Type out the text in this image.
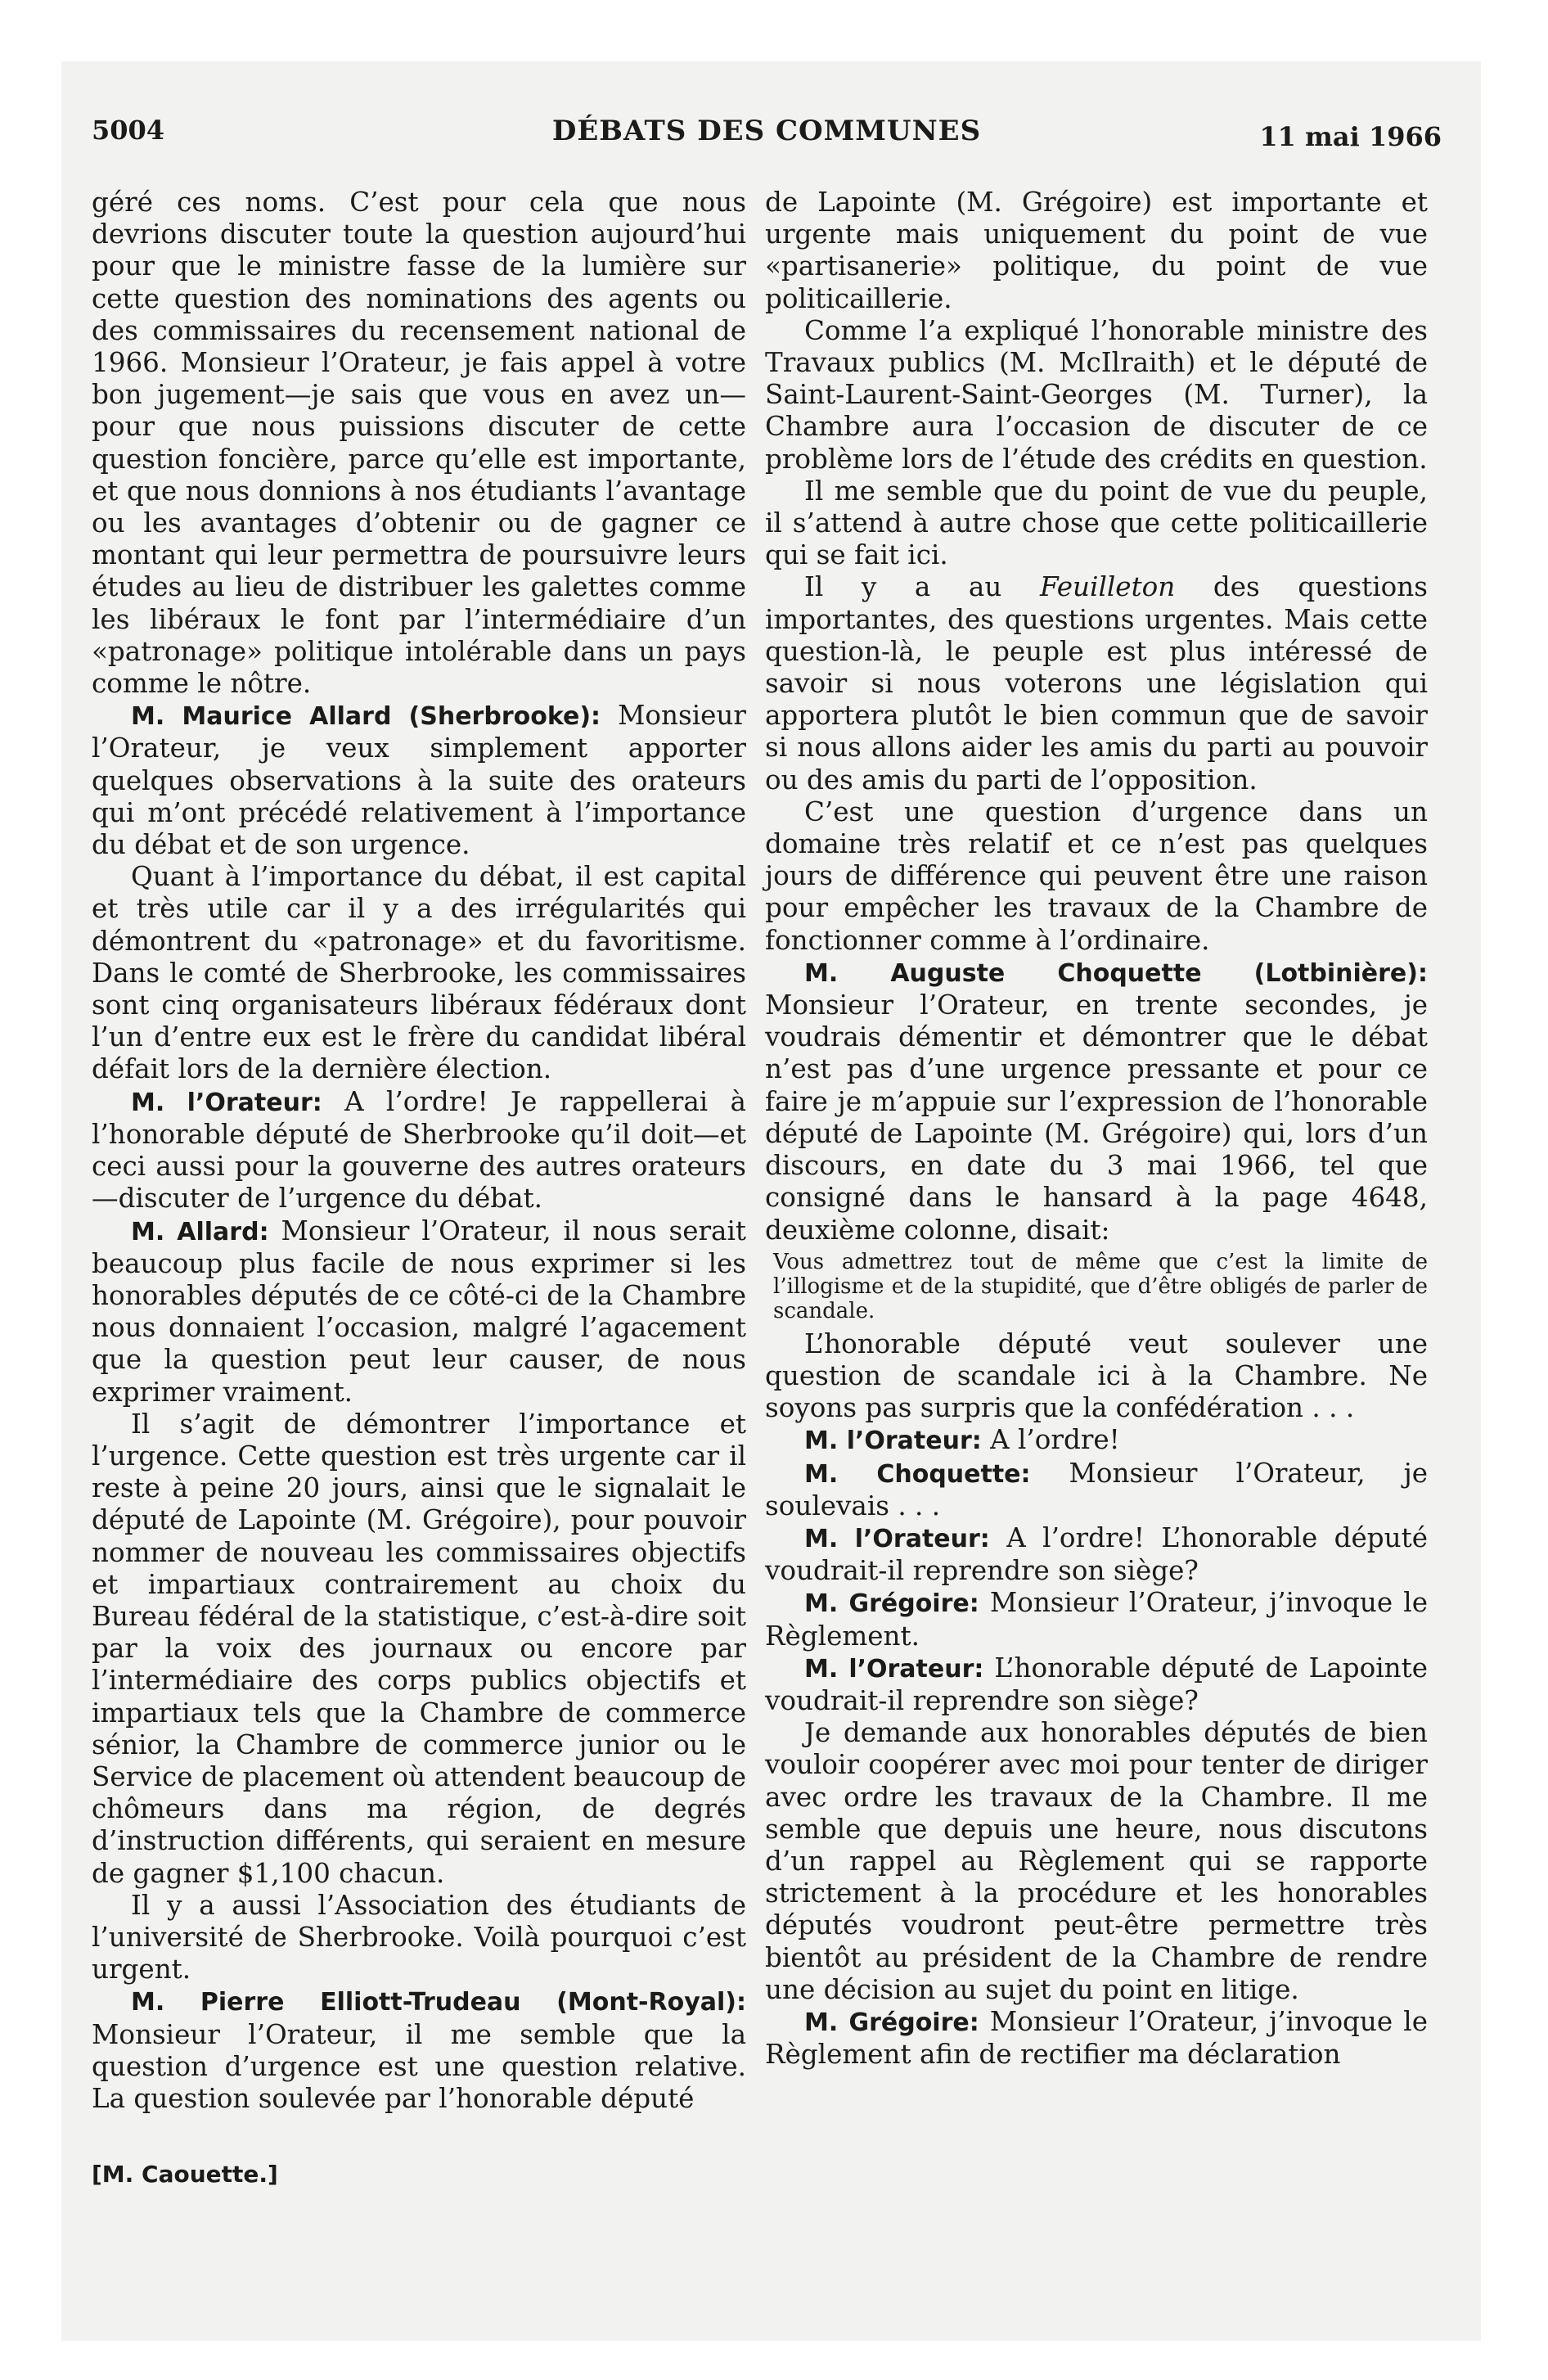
5004	DÉBATS DES COMMUNES	11 mai 1966

géré ces noms. C’est pour cela que nous devrions discuter toute la question aujourd’hui pour que le ministre fasse de la lumière sur cette question des nominations des agents ou des commissaires du recensement national de 1966. Monsieur l’Orateur, je fais appel à votre bon jugement—je sais que vous en avez un—pour que nous puissions discuter de cette question foncière, parce qu’elle est importante, et que nous donnions à nos étudiants l’avantage ou les avantages d’obtenir ou de gagner ce montant qui leur permettra de poursuivre leurs études au lieu de distribuer les galettes comme les libéraux le font par l’intermédiaire d’un «patronage» politique intolérable dans un pays comme le nôtre.

M. Maurice Allard (Sherbrooke): Monsieur l’Orateur, je veux simplement apporter quelques observations à la suite des orateurs qui m’ont précédé relativement à l’importance du débat et de son urgence.

Quant à l’importance du débat, il est capital et très utile car il y a des irrégularités qui démontrent du «patronage» et du favoritisme. Dans le comté de Sherbrooke, les commissaires sont cinq organisateurs libéraux fédéraux dont l’un d’entre eux est le frère du candidat libéral défait lors de la dernière élection.

M. l’Orateur: A l’ordre! Je rappellerai à l’honorable député de Sherbrooke qu’il doit—et ceci aussi pour la gouverne des autres orateurs—discuter de l’urgence du débat.

M. Allard: Monsieur l’Orateur, il nous serait beaucoup plus facile de nous exprimer si les honorables députés de ce côté-ci de la Chambre nous donnaient l’occasion, malgré l’agacement que la question peut leur causer, de nous exprimer vraiment.

Il s’agit de démontrer l’importance et l’urgence. Cette question est très urgente car il reste à peine 20 jours, ainsi que le signalait le député de Lapointe (M. Grégoire), pour pouvoir nommer de nouveau les commissaires objectifs et impartiaux contrairement au choix du Bureau fédéral de la statistique, c’est-à-dire soit par la voix des journaux ou encore par l’intermédiaire des corps publics objectifs et impartiaux tels que la Chambre de commerce sénior, la Chambre de commerce junior ou le Service de placement où attendent beaucoup de chômeurs dans ma région, de degrés d’instruction différents, qui seraient en mesure de gagner $1,100 chacun.

Il y a aussi l’Association des étudiants de l’université de Sherbrooke. Voilà pourquoi c’est urgent.

M. Pierre Elliott-Trudeau (Mont-Royal): Monsieur l’Orateur, il me semble que la question d’urgence est une question relative. La question soulevée par l’honorable député

de Lapointe (M. Grégoire) est importante et urgente mais uniquement du point de vue «partisanerie» politique, du point de vue politicaillerie.

Comme l’a expliqué l’honorable ministre des Travaux publics (M. McIlraith) et le député de Saint-Laurent-Saint-Georges (M. Turner), la Chambre aura l’occasion de discuter de ce problème lors de l’étude des crédits en question.

Il me semble que du point de vue du peuple, il s’attend à autre chose que cette politicaillerie qui se fait ici.

Il y a au Feuilleton des questions importantes, des questions urgentes. Mais cette question-là, le peuple est plus intéressé de savoir si nous voterons une législation qui apportera plutôt le bien commun que de savoir si nous allons aider les amis du parti au pouvoir ou des amis du parti de l’opposition.

C’est une question d’urgence dans un domaine très relatif et ce n’est pas quelques jours de différence qui peuvent être une raison pour empêcher les travaux de la Chambre de fonctionner comme à l’ordinaire.

M. Auguste Choquette (Lotbinière): Monsieur l’Orateur, en trente secondes, je voudrais démentir et démontrer que le débat n’est pas d’une urgence pressante et pour ce faire je m’appuie sur l’expression de l’honorable député de Lapointe (M. Grégoire) qui, lors d’un discours, en date du 3 mai 1966, tel que consigné dans le hansard à la page 4648, deuxième colonne, disait:

Vous admettrez tout de même que c’est la limite de l’illogisme et de la stupidité, que d’être obligés de parler de scandale.

L’honorable député veut soulever une question de scandale ici à la Chambre. Ne soyons pas surpris que la confédération . . .

M. l’Orateur: A l’ordre!

M. Choquette: Monsieur l’Orateur, je soulevais . . .

M. l’Orateur: A l’ordre! L’honorable député voudrait-il reprendre son siège?

M. Grégoire: Monsieur l’Orateur, j’invoque le Règlement.

M. l’Orateur: L’honorable député de Lapointe voudrait-il reprendre son siège?

Je demande aux honorables députés de bien vouloir coopérer avec moi pour tenter de diriger avec ordre les travaux de la Chambre. Il me semble que depuis une heure, nous discutons d’un rappel au Règlement qui se rapporte strictement à la procédure et les honorables députés voudront peut-être permettre très bientôt au président de la Chambre de rendre une décision au sujet du point en litige.

M. Grégoire: Monsieur l’Orateur, j’invoque le Règlement afin de rectifier ma déclaration

[M. Caouette.]
